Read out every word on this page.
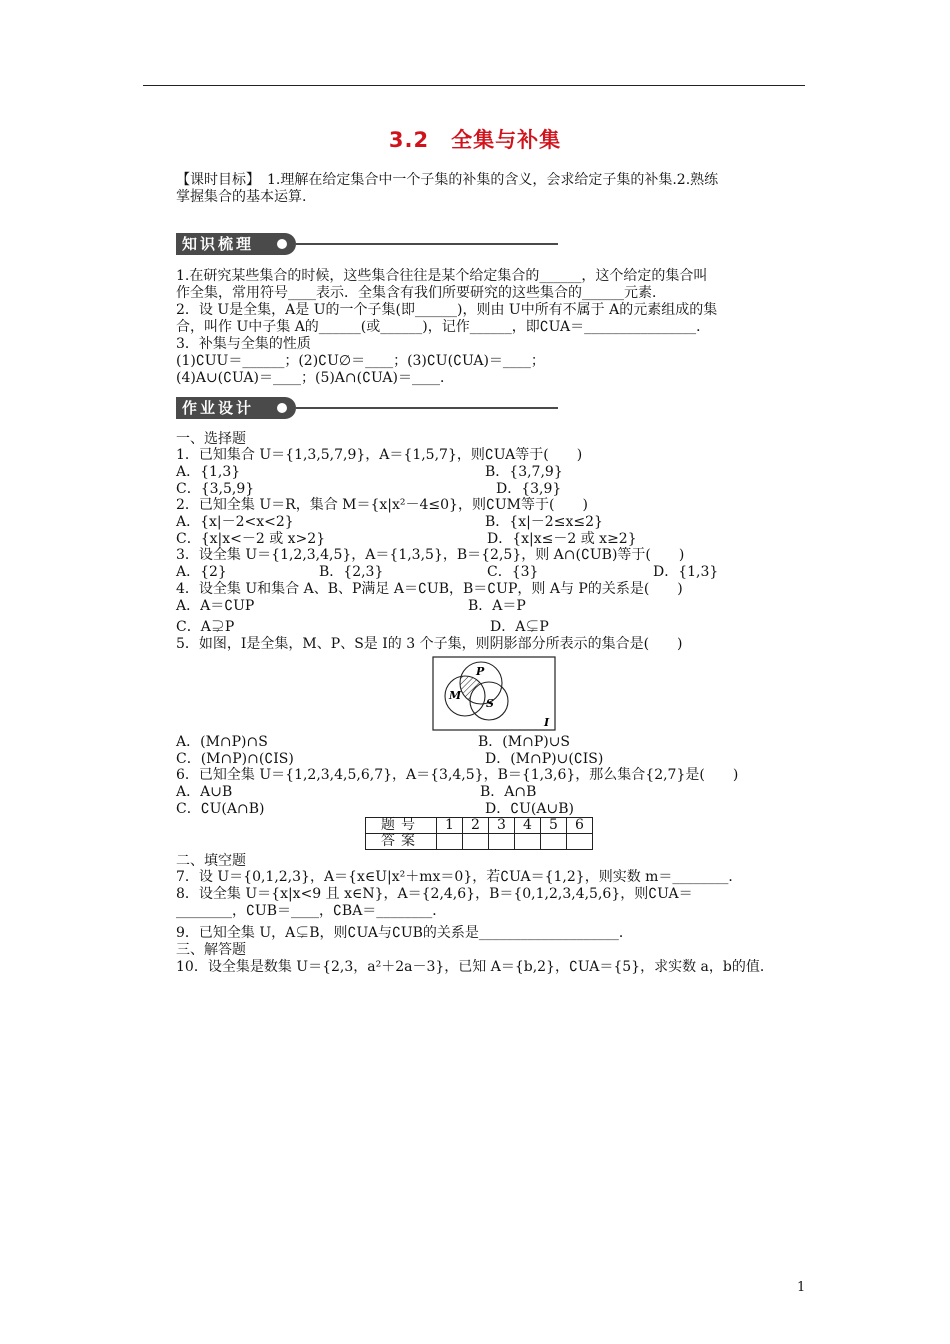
3.2　全集与补集
【课时目标】　1.理解在给定集合中一个子集的补集的含义，会求给定子集的补集.2.熟练
掌握集合的基本运算.
知识梳理
1.在研究某些集合的时候，这些集合往往是某个给定集合的______，这个给定的集合叫
作全集，常用符号____表示．全集含有我们所要研究的这些集合的______元素．
2．设 U是全集，A是 U的一个子集(即______)，则由 U中所有不属于 A的元素组成的集
合，叫作 U中子集 A的______(或______)，记作______，即∁UA＝________________．
3．补集与全集的性质
(1)∁UU＝______；(2)∁U∅＝____；(3)∁U(∁UA)＝____；
(4)A∪(∁UA)＝____；(5)A∩(∁UA)＝____．
作业设计
一、选择题
1．已知集合 U＝{1,3,5,7,9}，A＝{1,5,7}，则∁UA等于(　　)
A．{1,3}	B．{3,7,9}
C．{3,5,9}	D．{3,9}
2．已知全集 U＝R，集合 M＝{x|x²－4≤0}，则∁UM等于(　　)
A．{x|－2<x<2}	B．{x|－2≤x≤2}
C．{x|x<－2 或 x>2}	D．{x|x≤－2 或 x≥2}
3．设全集 U＝{1,2,3,4,5}，A＝{1,3,5}，B＝{2,5}，则 A∩(∁UB)等于(　　)
A．{2}	B．{2,3}	C．{3}	D．{1,3}
4．设全集 U和集合 A、B、P满足 A＝∁UB，B＝∁UP，则 A与 P的关系是(　　)
A．A＝∁UP	B．A＝P
C．A⊋P	D．A⊊P
5．如图，I是全集，M、P、S是 I的 3 个子集，则阴影部分所表示的集合是(　　)
P
M
S
I
A．(M∩P)∩S	B．(M∩P)∪S
C．(M∩P)∩(∁IS)	D．(M∩P)∪(∁IS)
6．已知全集 U＝{1,2,3,4,5,6,7}，A＝{3,4,5}，B＝{1,3,6}，那么集合{2,7}是(　　)
A．A∪B	B．A∩B
C．∁U(A∩B)	D．∁U(A∪B)
题号	1	2	3	4	5	6
答案						
二、填空题
7．设 U＝{0,1,2,3}，A＝{x∈U|x²＋mx＝0}，若∁UA＝{1,2}，则实数 m＝________．
8．设全集 U＝{x|x<9 且 x∈N}，A＝{2,4,6}，B＝{0,1,2,3,4,5,6}，则∁UA＝
________，∁UB＝____，∁BA＝________．
9．已知全集 U，A⊊B，则∁UA与∁UB的关系是____________________．
三、解答题
10．设全集是数集 U＝{2,3，a²＋2a－3}，已知 A＝{b,2}，∁UA＝{5}，求实数 a，b的值．
1
